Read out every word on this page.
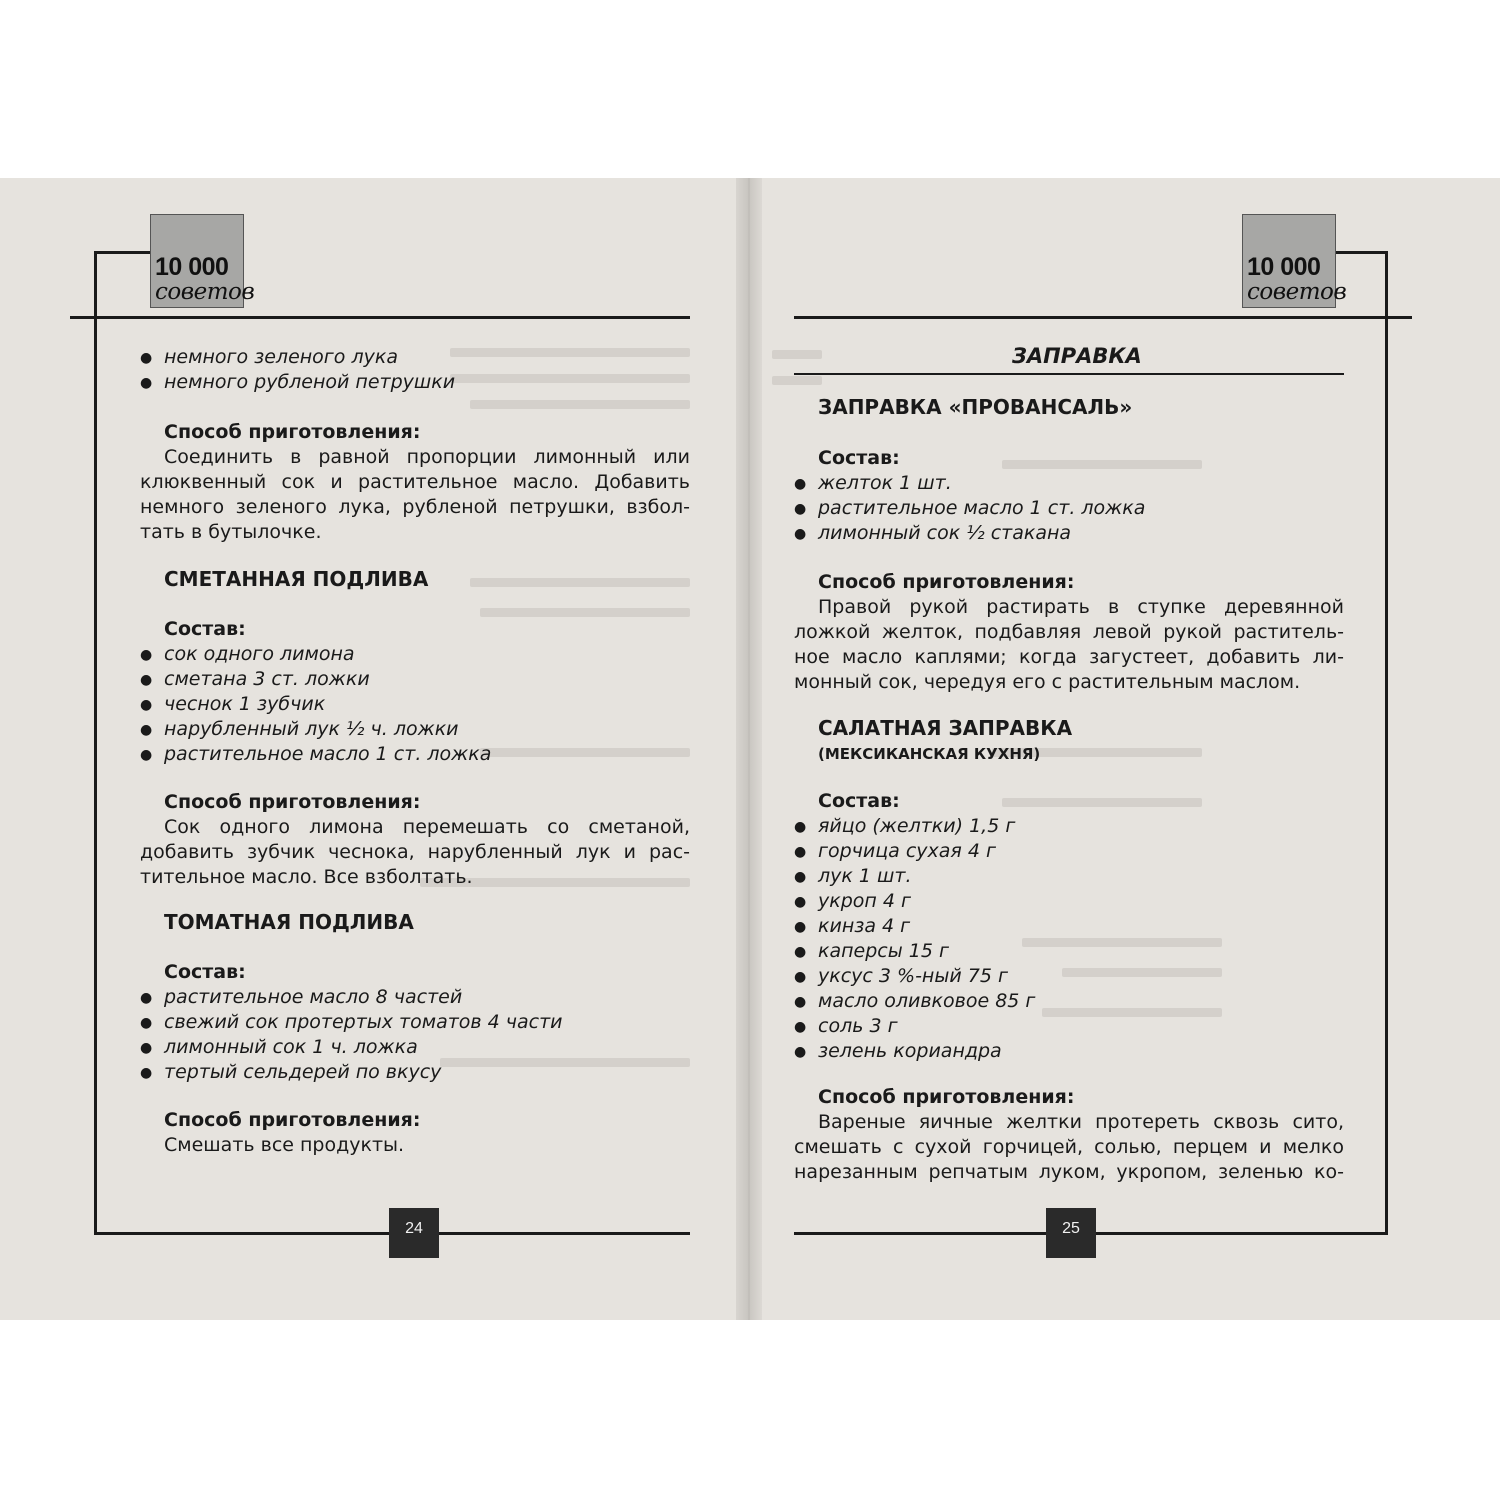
10 000
советов
24
● немного зеленого лука
● немного рубленой петрушки
Способ приготовления:
Соединить в равной пропорции лимонный или
клюквенный сок и растительное масло. Добавить
немного зеленого лука, рубленой петрушки, взбол-
тать в бутылочке.
СМЕТАННАЯ ПОДЛИВА
Состав:
● сок одного лимона
● сметана 3 ст. ложки
● чеснок 1 зубчик
● нарубленный лук ½ ч. ложки
● растительное масло 1 ст. ложка
Способ приготовления:
Сок одного лимона перемешать со сметаной,
добавить зубчик чеснока, нарубленный лук и рас-
тительное масло. Все взболтать.
ТОМАТНАЯ ПОДЛИВА
Состав:
● растительное масло 8 частей
● свежий сок протертых томатов 4 части
● лимонный сок 1 ч. ложка
● тертый сельдерей по вкусу
Способ приготовления:
Смешать все продукты.
10 000
советов
25
ЗАПРАВКА
ЗАПРАВКА «ПРОВАНСАЛЬ»
Состав:
● желток 1 шт.
● растительное масло 1 ст. ложка
● лимонный сок ½ стакана
Способ приготовления:
Правой рукой растирать в ступке деревянной
ложкой желток, подбавляя левой рукой раститель-
ное масло каплями; когда загустеет, добавить ли-
монный сок, чередуя его с растительным маслом.
САЛАТНАЯ ЗАПРАВКА
(МЕКСИКАНСКАЯ КУХНЯ)
Состав:
● яйцо (желтки) 1,5 г
● горчица сухая 4 г
● лук 1 шт.
● укроп 4 г
● кинза 4 г
● каперсы 15 г
● уксус 3 %-ный 75 г
● масло оливковое 85 г
● соль 3 г
● зелень кориандра
Способ приготовления:
Вареные яичные желтки протереть сквозь сито,
смешать с сухой горчицей, солью, перцем и мелко
нарезанным репчатым луком, укропом, зеленью ко-
